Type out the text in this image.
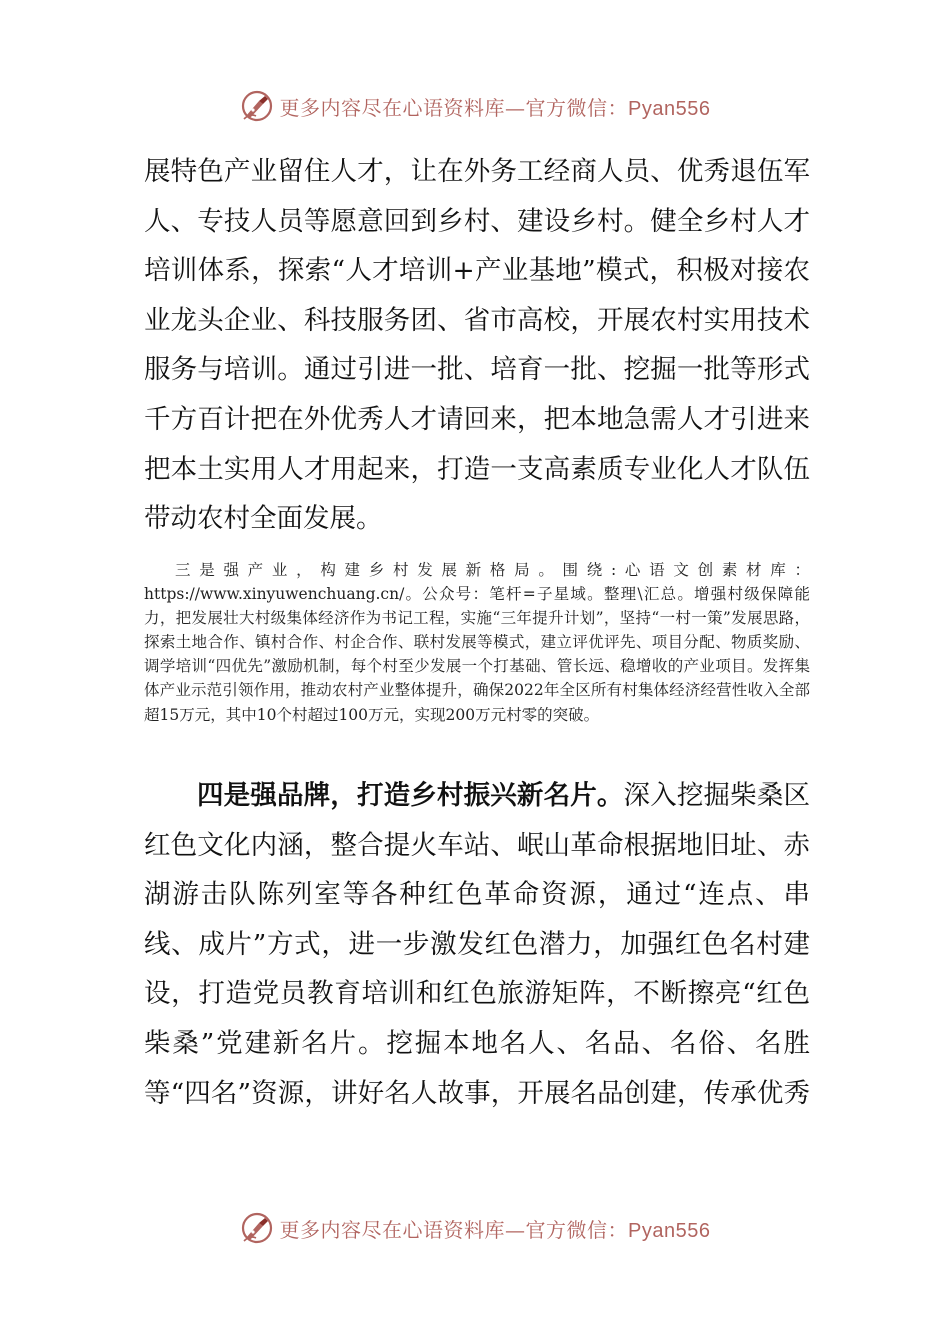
更多内容尽在心语资料库—官方微信：Pyan556

展特色产业留住人才，让在外务工经商人员、优秀退伍军人、专技人员等愿意回到乡村、建设乡村。健全乡村人才培训体系，探索“人才培训+产业基地”模式，积极对接农业龙头企业、科技服务团、省市高校，开展农村实用技术服务与培训。通过引进一批、培育一批、挖掘一批等形式千方百计把在外优秀人才请回来，把本地急需人才引进来把本土实用人才用起来，打造一支高素质专业化人才队伍带动农村全面发展。

三是强产业，构建乡村发展新格局。围绕:心语文创素材库：https://www.xinyuwenchuang.cn/。公众号：笔杆=子星域。整理\汇总。增强村级保障能力，把发展壮大村级集体经济作为书记工程，实施“三年提升计划”，坚持“一村一策”发展思路，探索土地合作、镇村合作、村企合作、联村发展等模式，建立评优评先、项目分配、物质奖励、调学培训“四优先”激励机制，每个村至少发展一个打基础、管长远、稳增收的产业项目。发挥集体产业示范引领作用，推动农村产业整体提升，确保2022年全区所有村集体经济经营性收入全部超15万元，其中10个村超过100万元，实现200万元村零的突破。

四是强品牌，打造乡村振兴新名片。深入挖掘柴桑区红色文化内涵，整合提火车站、岷山革命根据地旧址、赤湖游击队陈列室等各种红色革命资源，通过“连点、串线、成片”方式，进一步激发红色潜力，加强红色名村建设，打造党员教育培训和红色旅游矩阵，不断擦亮“红色柴桑”党建新名片。挖掘本地名人、名品、名俗、名胜等“四名”资源，讲好名人故事，开展名品创建，传承优秀

更多内容尽在心语资料库—官方微信：Pyan556
